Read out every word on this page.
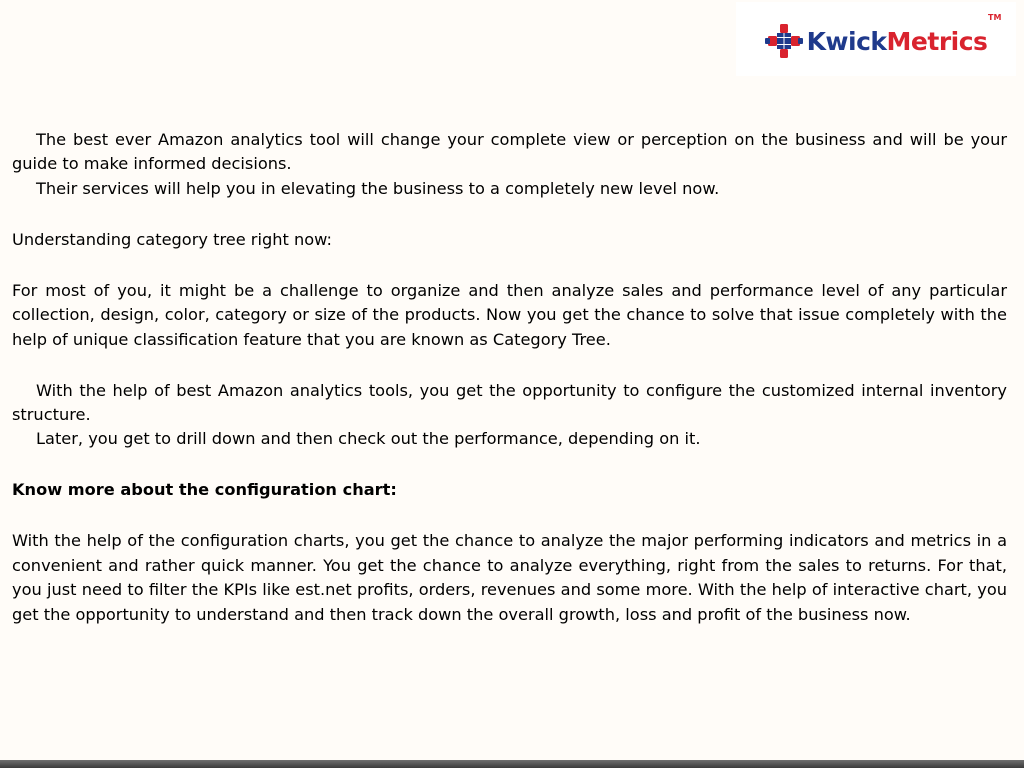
KwickMetrics
TM

The best ever Amazon analytics tool will change your complete view or perception on the business and will be your guide to make informed decisions.

Their services will help you in elevating the business to a completely new level now.

Understanding category tree right now:

For most of you, it might be a challenge to organize and then analyze sales and performance level of any particular collection, design, color, category or size of the products. Now you get the chance to solve that issue completely with the help of unique classification feature that you are known as Category Tree.

With the help of best Amazon analytics tools, you get the opportunity to configure the customized internal inventory structure.

Later, you get to drill down and then check out the performance, depending on it.

Know more about the configuration chart:

With the help of the configuration charts, you get the chance to analyze the major performing indicators and metrics in a convenient and rather quick manner. You get the chance to analyze everything, right from the sales to returns. For that, you just need to filter the KPIs like est.net profits, orders, revenues and some more. With the help of interactive chart, you get the opportunity to understand and then track down the overall growth, loss and profit of the business now.
